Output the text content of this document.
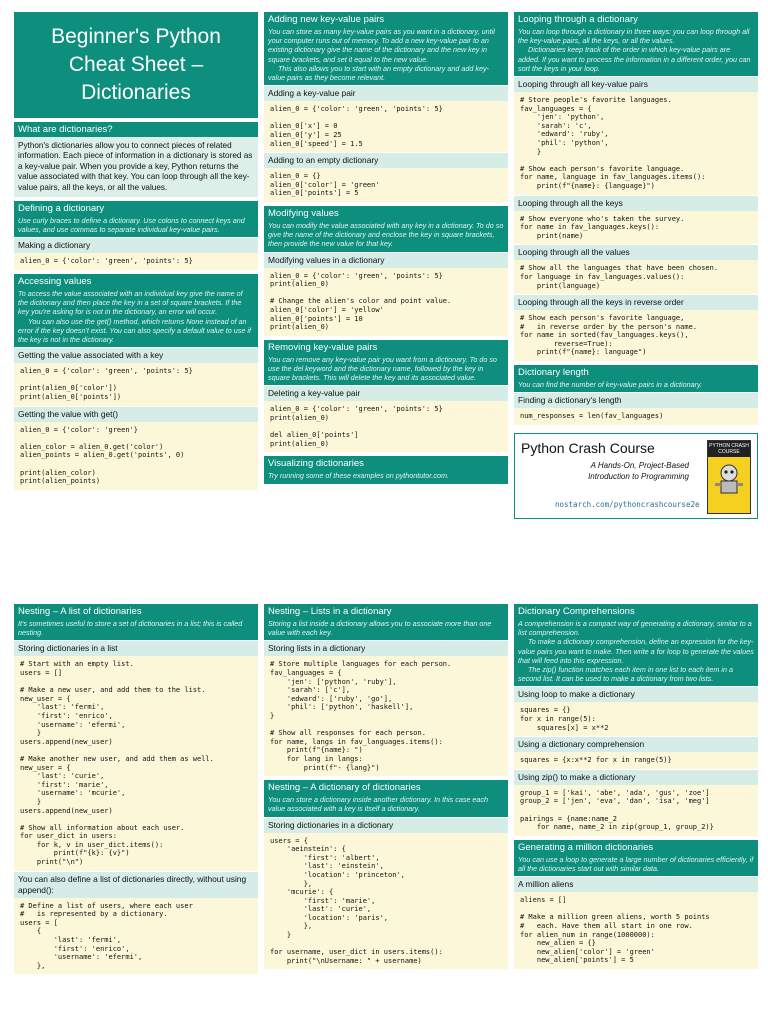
Beginner's Python
Cheat Sheet –
Dictionaries
What are dictionaries?
Python's dictionaries allow you to connect pieces of related information. Each piece of information in a dictionary is stored as a key-value pair. When you provide a key, Python returns the value associated with that key. You can loop through all the key-value pairs, all the keys, or all the values.
Defining a dictionary

Use curly braces to define a dictionary. Use colons to connect keys and values, and use commas to separate individual key-value pairs.

Making a dictionary
alien_0 = {'color': 'green', 'points': 5}
Accessing values

To access the value associated with an individual key give the name of the dictionary and then place the key in a set of square brackets. If the key you're asking for is not in the dictionary, an error will occur.

You can also use the get() method, which returns None instead of an error if the key doesn't exist. You can also specify a default value to use if the key is not in the dictionary.

Getting the value associated with a key
alien_0 = {'color': 'green', 'points': 5}

print(alien_0['color'])
print(alien_0['points'])
Getting the value with get()
alien_0 = {'color': 'green'}

alien_color = alien_0.get('color')
alien_points = alien_0.get('points', 0)

print(alien_color)
print(alien_points)
Adding new key-value pairs

You can store as many key-value pairs as you want in a dictionary, until your computer runs out of memory. To add a new key-value pair to an existing dictionary give the name of the dictionary and the new key in square brackets, and set it equal to the new value.

This also allows you to start with an empty dictionary and add key-value pairs as they become relevant.

Adding a key-value pair
alien_0 = {'color': 'green', 'points': 5}

alien_0['x'] = 0
alien_0['y'] = 25
alien_0['speed'] = 1.5
Adding to an empty dictionary
alien_0 = {}
alien_0['color'] = 'green'
alien_0['points'] = 5
Modifying values

You can modify the value associated with any key in a dictionary. To do so give the name of the dictionary and enclose the key in square brackets, then provide the new value for that key.

Modifying values in a dictionary
alien_0 = {'color': 'green', 'points': 5}
print(alien_0)

# Change the alien's color and point value.
alien_0['color'] = 'yellow'
alien_0['points'] = 10
print(alien_0)
Removing key-value pairs

You can remove any key-value pair you want from a dictionary. To do so use the del keyword and the dictionary name, followed by the key in square brackets. This will delete the key and its associated value.

Deleting a key-value pair
alien_0 = {'color': 'green', 'points': 5}
print(alien_0)

del alien_0['points']
print(alien_0)
Visualizing dictionaries

Try running some of these examples on pythontutor.com.

Looping through a dictionary

You can loop through a dictionary in three ways: you can loop through all the key-value pairs, all the keys, or all the values.

Dictionaries keep track of the order in which key-value pairs are added. If you want to process the information in a different order, you can sort the keys in your loop.

Looping through all key-value pairs
# Store people's favorite languages.
fav_languages = {
'jen': 'python',
'sarah': 'c',
'edward': 'ruby',
'phil': 'python',
}

# Show each person's favorite language.
for name, language in fav_languages.items():
print(f"{name}: {language}")
Looping through all the keys
# Show everyone who's taken the survey.
for name in fav_languages.keys():
print(name)
Looping through all the values
# Show all the languages that have been chosen.
for language in fav_languages.values():
print(language)
Looping through all the keys in reverse order
# Show each person's favorite language,
#   in reverse order by the person's name.
for name in sorted(fav_languages.keys(),
reverse=True):
print(f"{name}: language")
Dictionary length

You can find the number of key-value pairs in a dictionary.

Finding a dictionary's length
num_responses = len(fav_languages)
Python Crash Course
A Hands-On, Project-Based
Introduction to Programming
nostarch.com/pythoncrashcourse2e
PYTHON CRASH COURSE
Nesting – A list of dictionaries

It's sometimes useful to store a set of dictionaries in a list; this is called nesting.

Storing dictionaries in a list
# Start with an empty list.
users = []

# Make a new user, and add them to the list.
new_user = {
'last': 'fermi',
'first': 'enrico',
'username': 'efermi',
}
users.append(new_user)

# Make another new user, and add them as well.
new_user = {
'last': 'curie',
'first': 'marie',
'username': 'mcurie',
}
users.append(new_user)

# Show all information about each user.
for user_dict in users:
for k, v in user_dict.items():
print(f"{k}: {v}")
print("\n")
You can also define a list of dictionaries directly, without using append():
# Define a list of users, where each user
#   is represented by a dictionary.
users = [
{
'last': 'fermi',
'first': 'enrico',
'username': 'efermi',
},
Nesting – Lists in a dictionary

Storing a list inside a dictionary allows you to associate more than one value with each key.

Storing lists in a dictionary
# Store multiple languages for each person.
fav_languages = {
'jen': ['python', 'ruby'],
'sarah': ['c'],
'edward': ['ruby', 'go'],
'phil': ['python', 'haskell'],
}

# Show all responses for each person.
for name, langs in fav_languages.items():
print(f"{name}: ")
for lang in langs:
print(f"- {lang}")
Nesting – A dictionary of dictionaries

You can store a dictionary inside another dictionary. In this case each value associated with a key is itself a dictionary.

Storing dictionaries in a dictionary
users = {
'aeinstein': {
'first': 'albert',
'last': 'einstein',
'location': 'princeton',
},
'mcurie': {
'first': 'marie',
'last': 'curie',
'location': 'paris',
},
}

for username, user_dict in users.items():
print("\nUsername: " + username)
Dictionary Comprehensions

A comprehension is a compact way of generating a dictionary, similar to a list comprehension.

To make a dictionary comprehension, define an expression for the key-value pairs you want to make. Then write a for loop to generate the values that will feed into this expression.

The zip() function matches each item in one list to each item in a second list. It can be used to make a dictionary from two lists.

Using loop to make a dictionary
squares = {}
for x in range(5):
squares[x] = x**2
Using a dictionary comprehension
squares = {x:x**2 for x in range(5)}
Using zip() to make a dictionary
group_1 = ['kai', 'abe', 'ada', 'gus', 'zoe']
group_2 = ['jen', 'eva', 'dan', 'isa', 'meg']

pairings = {name:name_2
for name, name_2 in zip(group_1, group_2)}
Generating a million dictionaries

You can use a loop to generate a large number of dictionaries efficiently, if all the dictionaries start out with similar data.

A million aliens
aliens = []

# Make a million green aliens, worth 5 points
#   each. Have them all start in one row.
for alien_num in range(1000000):
new_alien = {}
new_alien['color'] = 'green'
new_alien['points'] = 5
